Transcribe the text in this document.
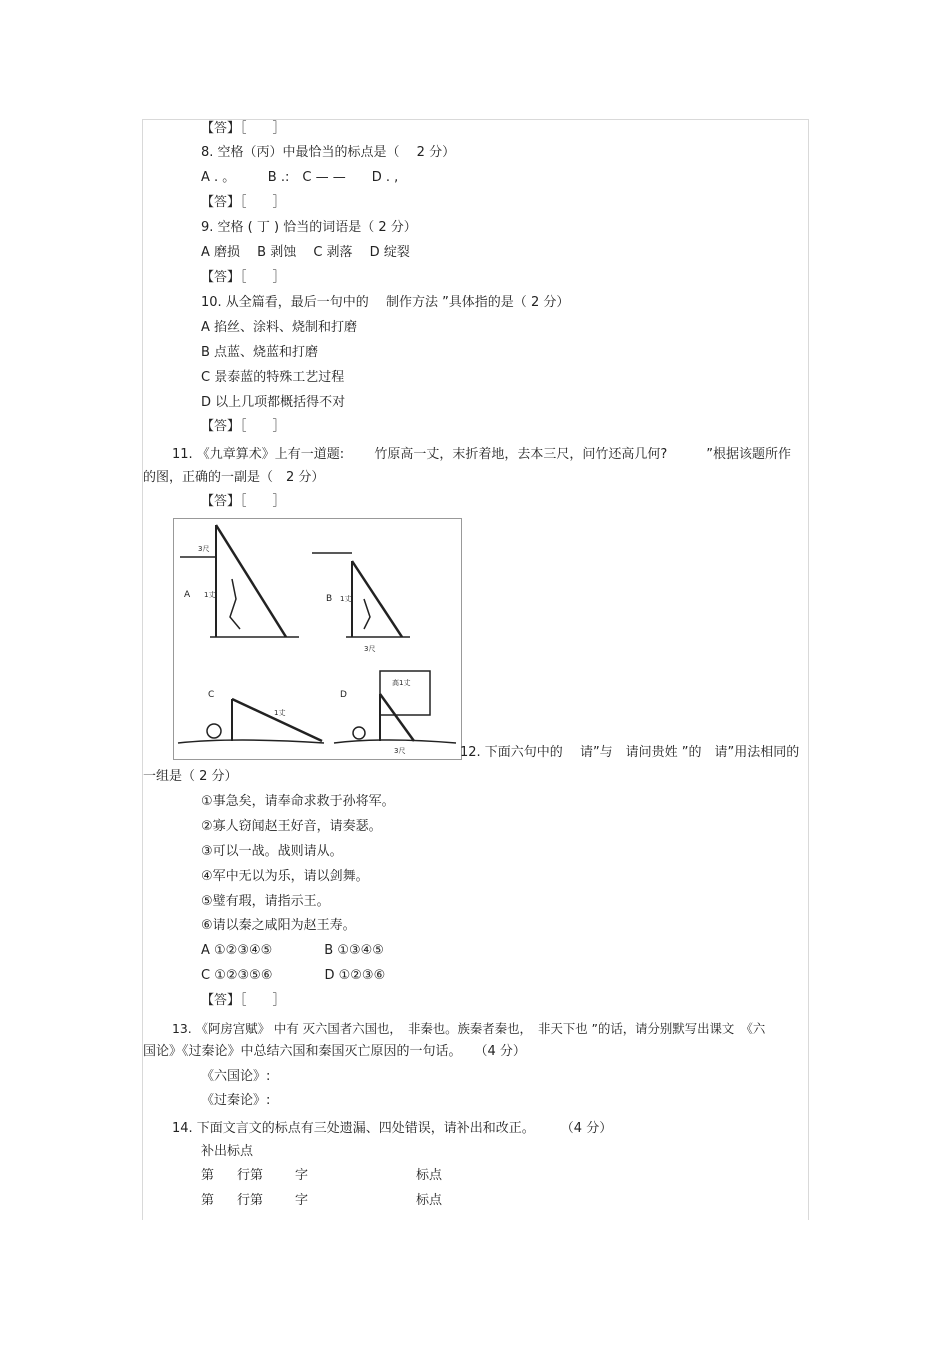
【答】［　　］
8. 空格（丙）中最恰当的标点是（　 2 分）
A . 。　　　B .:　C — —　　D . ,
【答】［　　］
9. 空格 ( 丁 ) 恰当的词语是（ 2 分）
A 磨损　 B 剥蚀　 C 剥落　 D 绽裂
【答】［　　］
10. 从全篇看，最后一句中的　 制作方法 ”具体指的是（ 2 分）
A 掐丝、涂料、烧制和打磨
B 点蓝、烧蓝和打磨
C 景泰蓝的特殊工艺过程
D 以上几项都概括得不对
【答】［　　］
11. 《九章算术》上有一道题:　　 竹原高一丈，末折着地，去本三尺，问竹还高几何?　　　”根据该题所作
的图，正确的一副是（　2 分）
【答】［　　］
A
3尺
1丈	B 1丈
3尺
C
1丈
D
高1丈
3尺	12. 下面六句中的　 请”与　请问贵姓 ”的　请”用法相同的
一组是（ 2 分）
①事急矣，请奉命求救于孙将军。
②寡人窃闻赵王好音，请奏瑟。
③可以一战。战则请从。
④军中无以为乐，请以剑舞。
⑤璧有瑕，请指示王。
⑥请以秦之咸阳为赵王寿。
A ①②③④⑤　　　　B ①③④⑤
C ①②③⑤⑥　　　　D ①②③⑥
【答】［　　］
13. 《阿房宫赋》 中有 灭六国者六国也，　非秦也。族秦者秦也，　非天下也 ”的话，请分别默写出课文　《六
国论》《过秦论》中总结六国和秦国灭亡原因的一句话。　　（4 分）
《六国论》:
《过秦论》:
14. 下面文言文的标点有三处遗漏、四处错误，请补出和改正。　　　（4 分）
补出标点
第 行第 字	标点
第 行第 字	标点
